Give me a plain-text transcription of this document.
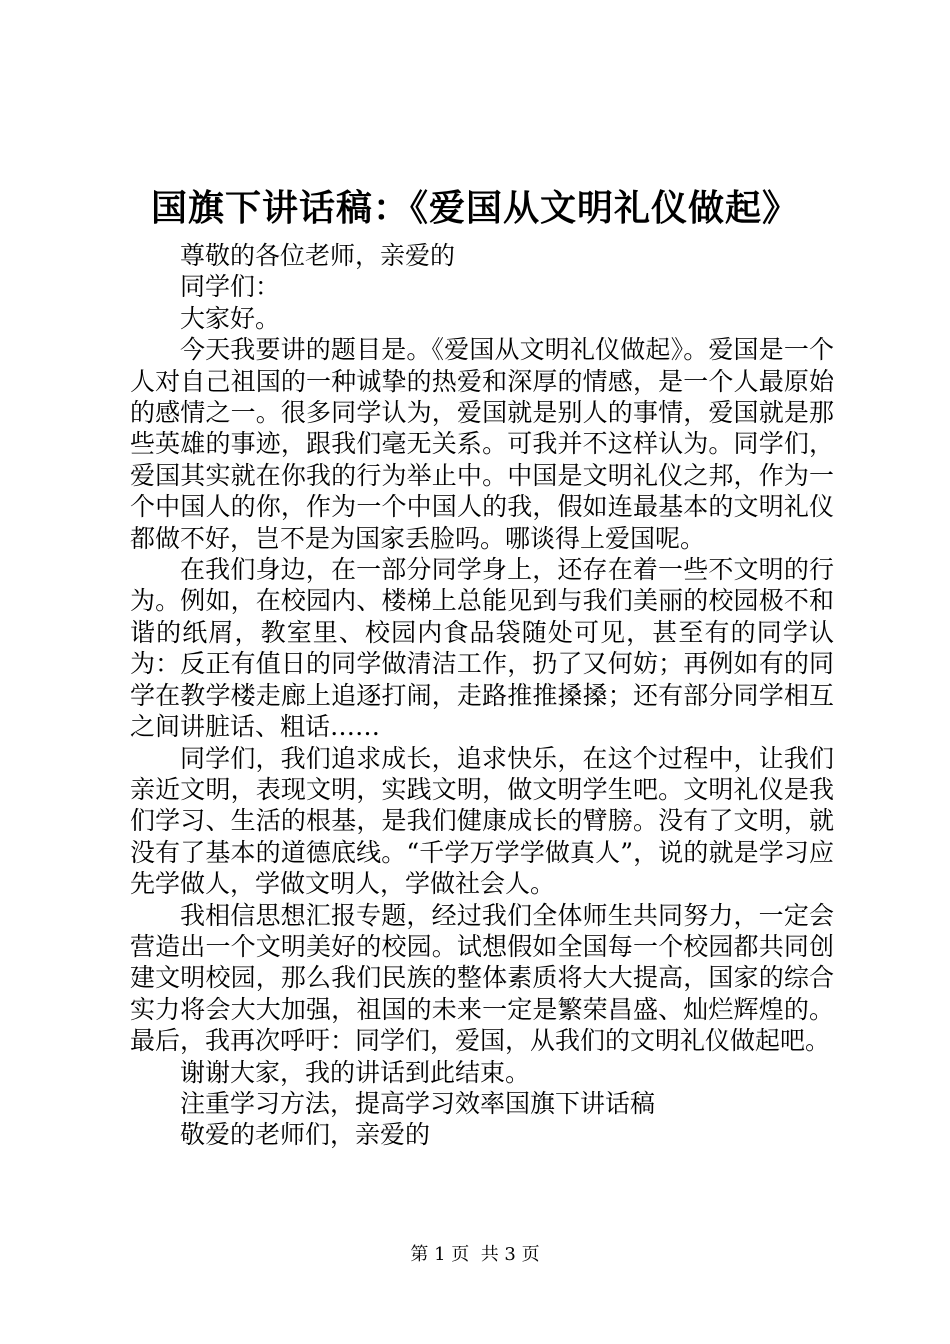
国旗下讲话稿：《爱国从文明礼仪做起》

尊敬的各位老师，亲爱的

同学们：

大家好。

今天我要讲的题目是。《爱国从文明礼仪做起》。爱国是一个人对自己祖国的一种诚挚的热爱和深厚的情感，是一个人最原始的感情之一。很多同学认为，爱国就是别人的事情，爱国就是那些英雄的事迹，跟我们毫无关系。可我并不这样认为。同学们，爱国其实就在你我的行为举止中。中国是文明礼仪之邦，作为一个中国人的你，作为一个中国人的我，假如连最基本的文明礼仪都做不好，岂不是为国家丢脸吗。哪谈得上爱国呢。

在我们身边，在一部分同学身上，还存在着一些不文明的行为。例如，在校园内、楼梯上总能见到与我们美丽的校园极不和谐的纸屑，教室里、校园内食品袋随处可见，甚至有的同学认为：反正有值日的同学做清洁工作，扔了又何妨；再例如有的同学在教学楼走廊上追逐打闹，走路推推搡搡；还有部分同学相互之间讲脏话、粗话……

同学们，我们追求成长，追求快乐，在这个过程中，让我们亲近文明，表现文明，实践文明，做文明学生吧。文明礼仪是我们学习、生活的根基，是我们健康成长的臂膀。没有了文明，就没有了基本的道德底线。“千学万学学做真人”，说的就是学习应先学做人，学做文明人，学做社会人。

我相信思想汇报专题，经过我们全体师生共同努力，一定会营造出一个文明美好的校园。试想假如全国每一个校园都共同创建文明校园，那么我们民族的整体素质将大大提高，国家的综合实力将会大大加强，祖国的未来一定是繁荣昌盛、灿烂辉煌的。最后，我再次呼吁：同学们，爱国，从我们的文明礼仪做起吧。

谢谢大家，我的讲话到此结束。

注重学习方法，提高学习效率国旗下讲话稿

敬爱的老师们，亲爱的

第 1 页  共 3 页
